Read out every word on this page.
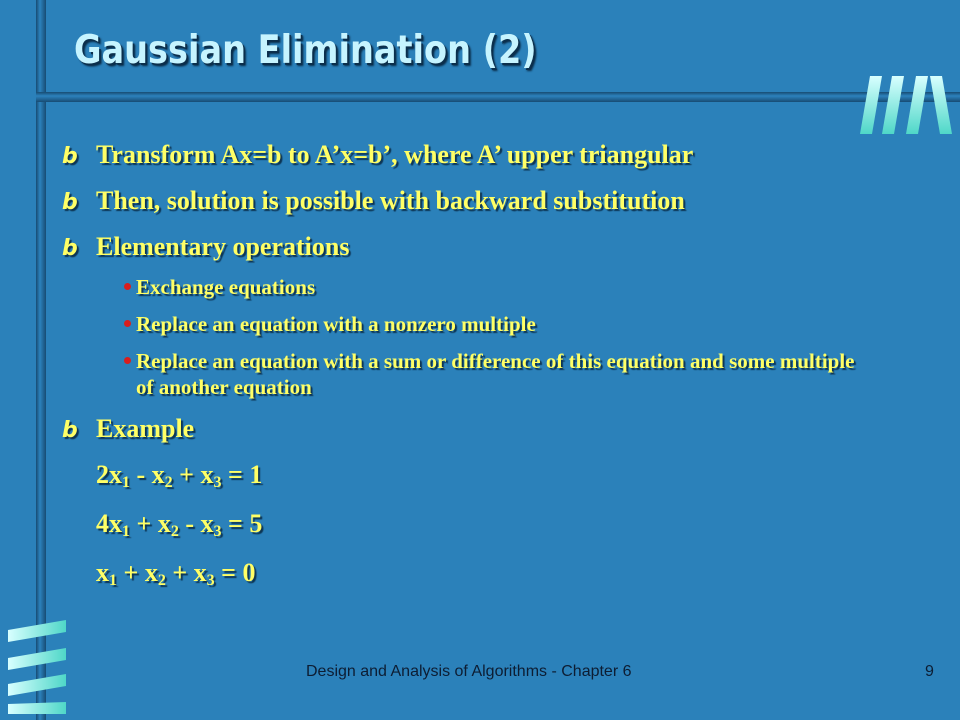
Gaussian Elimination (2)
b Transform Ax=b to A’x=b’, where A’ upper triangular
b Then, solution is possible with backward substitution
b Elementary operations
Exchange equations
Replace an equation with a nonzero multiple
Replace an equation with a sum or difference of this equation and some multiple of another equation
b Example
$2x_1 - x_2 + x_3 = 1$
$4x_1 + x_2 - x_3 = 5$
$x_1 + x_2 + x_3 = 0$
Design and Analysis of Algorithms - Chapter 6	9
